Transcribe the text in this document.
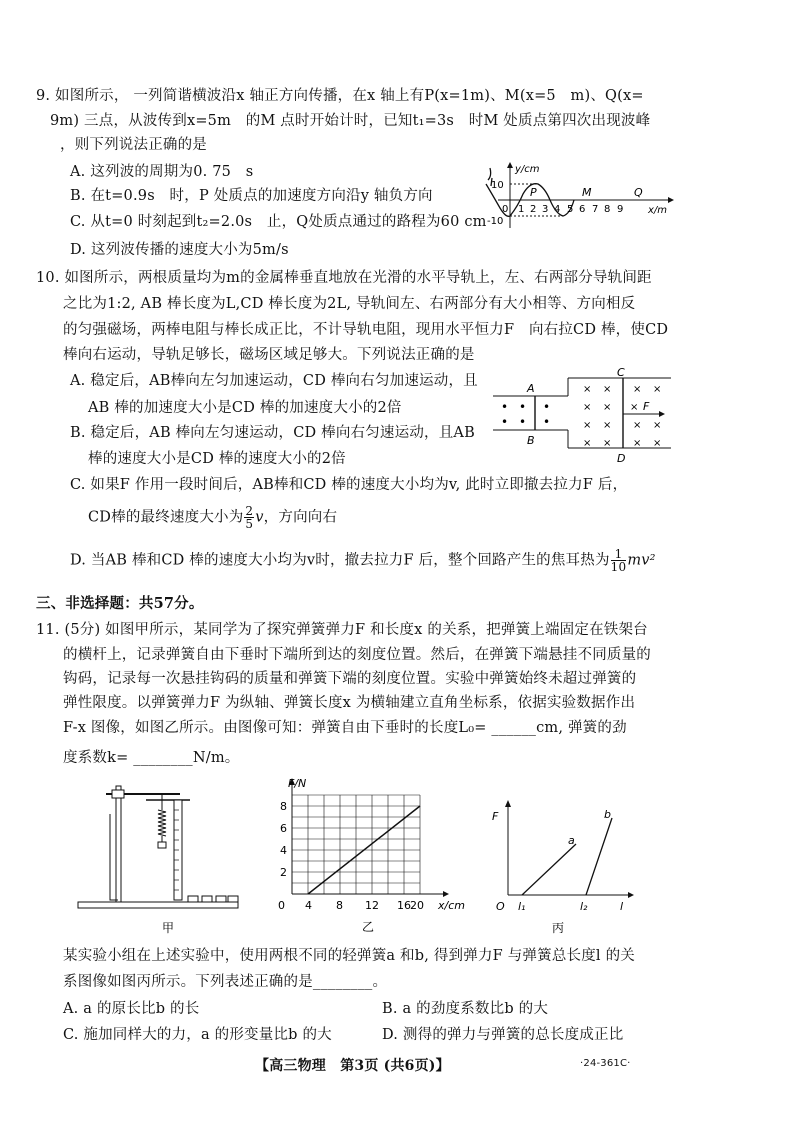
9. 如图所示， 一列简谐横波沿x 轴正方向传播，在x 轴上有P(x=1m)、M(x=5　m)、Q(x=
9m) 三点，从波传到x=5m　的M 点时开始计时，已知t₁=3s　时M 处质点第四次出现波峰
，则下列说法正确的是
A. 这列波的周期为0. 75　s
B. 在t=0.9s　时，P 处质点的加速度方向沿y 轴负方向
C. 从t=0 时刻起到t₂=2.0s　止，Q处质点通过的路程为60 cm
D. 这列波传播的速度大小为5m/s
y/cm
x/m
10
-10
0 1 2 3 4 5 6 7 8 9
P	M	Q
10. 如图所示，两根质量均为m的金属棒垂直地放在光滑的水平导轨上，左、右两部分导轨间距
之比为1:2, AB 棒长度为L,CD 棒长度为2L, 导轨间左、右两部分有大小相等、方向相反
的匀强磁场，两棒电阻与棒长成正比，不计导轨电阻，现用水平恒力F　向右拉CD 棒，使CD
棒向右运动，导轨足够长，磁场区域足够大。下列说法正确的是
A. 稳定后，AB棒向左匀加速运动，CD 棒向右匀加速运动，且
AB 棒的加速度大小是CD 棒的加速度大小的2倍
B. 稳定后，AB 棒向左匀速运动，CD 棒向右匀速运动，且AB
棒的速度大小是CD 棒的速度大小的2倍
C. 如果F 作用一段时间后，AB棒和CD 棒的速度大小均为v, 此时立即撤去拉力F 后，
CD棒的最终速度大小为 $\frac{2}{5}$ v，方向向右
D. 当AB 棒和CD 棒的速度大小均为v时，撤去拉力F 后，整个回路产生的焦耳热为 $\frac{1}{10} mv^2$
A
B
C
D
• • •
• • •
× × × ×
× × ×
× × × ×
× × × ×
F
三、非选择题：共57分。
11. (5分) 如图甲所示，某同学为了探究弹簧弹力F 和长度x 的关系，把弹簧上端固定在铁架台
的横杆上，记录弹簧自由下垂时下端所到达的刻度位置。然后，在弹簧下端悬挂不同质量的
钩码，记录每一次悬挂钩码的质量和弹簧下端的刻度位置。实验中弹簧始终未超过弹簧的
弹性限度。以弹簧弹力F 为纵轴、弹簧长度x 为横轴建立直角坐标系，依据实验数据作出
F-x 图像，如图乙所示。由图像可知：弹簧自由下垂时的长度L₀= ______cm, 弹簧的劲
度系数k= ________N/m。
甲
F/N
x/cm
0
2
4
6
8
4 8 12 16 20
乙
F
l
O l₁	l₂
a
b
丙
某实验小组在上述实验中，使用两根不同的轻弹簧a 和b, 得到弹力F 与弹簧总长度l 的关
系图像如图丙所示。下列表述正确的是________。
A. a 的原长比b 的长	B. a 的劲度系数比b 的大
C. 施加同样大的力，a 的形变量比b 的大	D. 测得的弹力与弹簧的总长度成正比
【高三物理　第3页 (共6页)】	·24-361C·
